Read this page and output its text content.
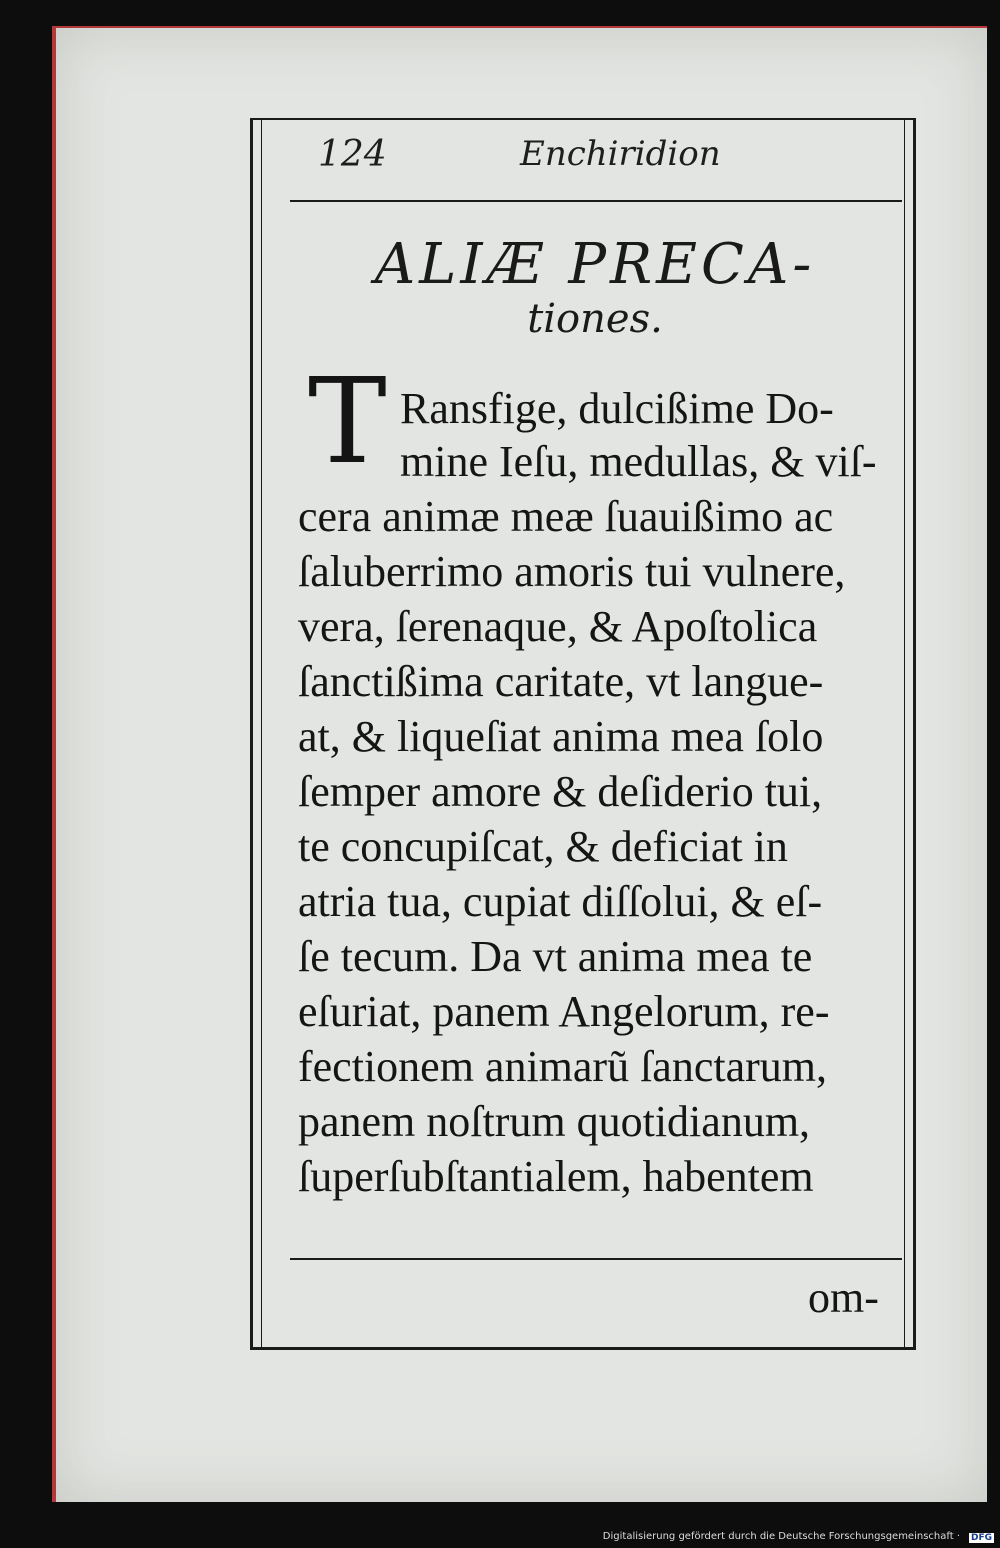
124	Enchiridion
ALIÆ PRECA-
tiones.
T Ransfige, dulcißime Do-
mine Ieſu, medullas, & viſ-
cera animæ meæ ſuauißimo ac
ſaluberrimo amoris tui vulnere,
vera, ſerenaque, & Apoſtolica
ſanctißima caritate, vt langue-
at, & liqueſiat anima mea ſolo
ſemper amore & deſiderio tui,
te concupiſcat, & deficiat in
atria tua, cupiat diſſolui, & eſ-
ſe tecum. Da vt anima mea te
eſuriat, panem Angelorum, re-
fectionem animarũ ſanctarum,
panem noſtrum quotidianum,
ſuperſubſtantialem, habentem
om-
Digitalisierung gefördert durch die Deutsche Forschungsgemeinschaft · DFG
